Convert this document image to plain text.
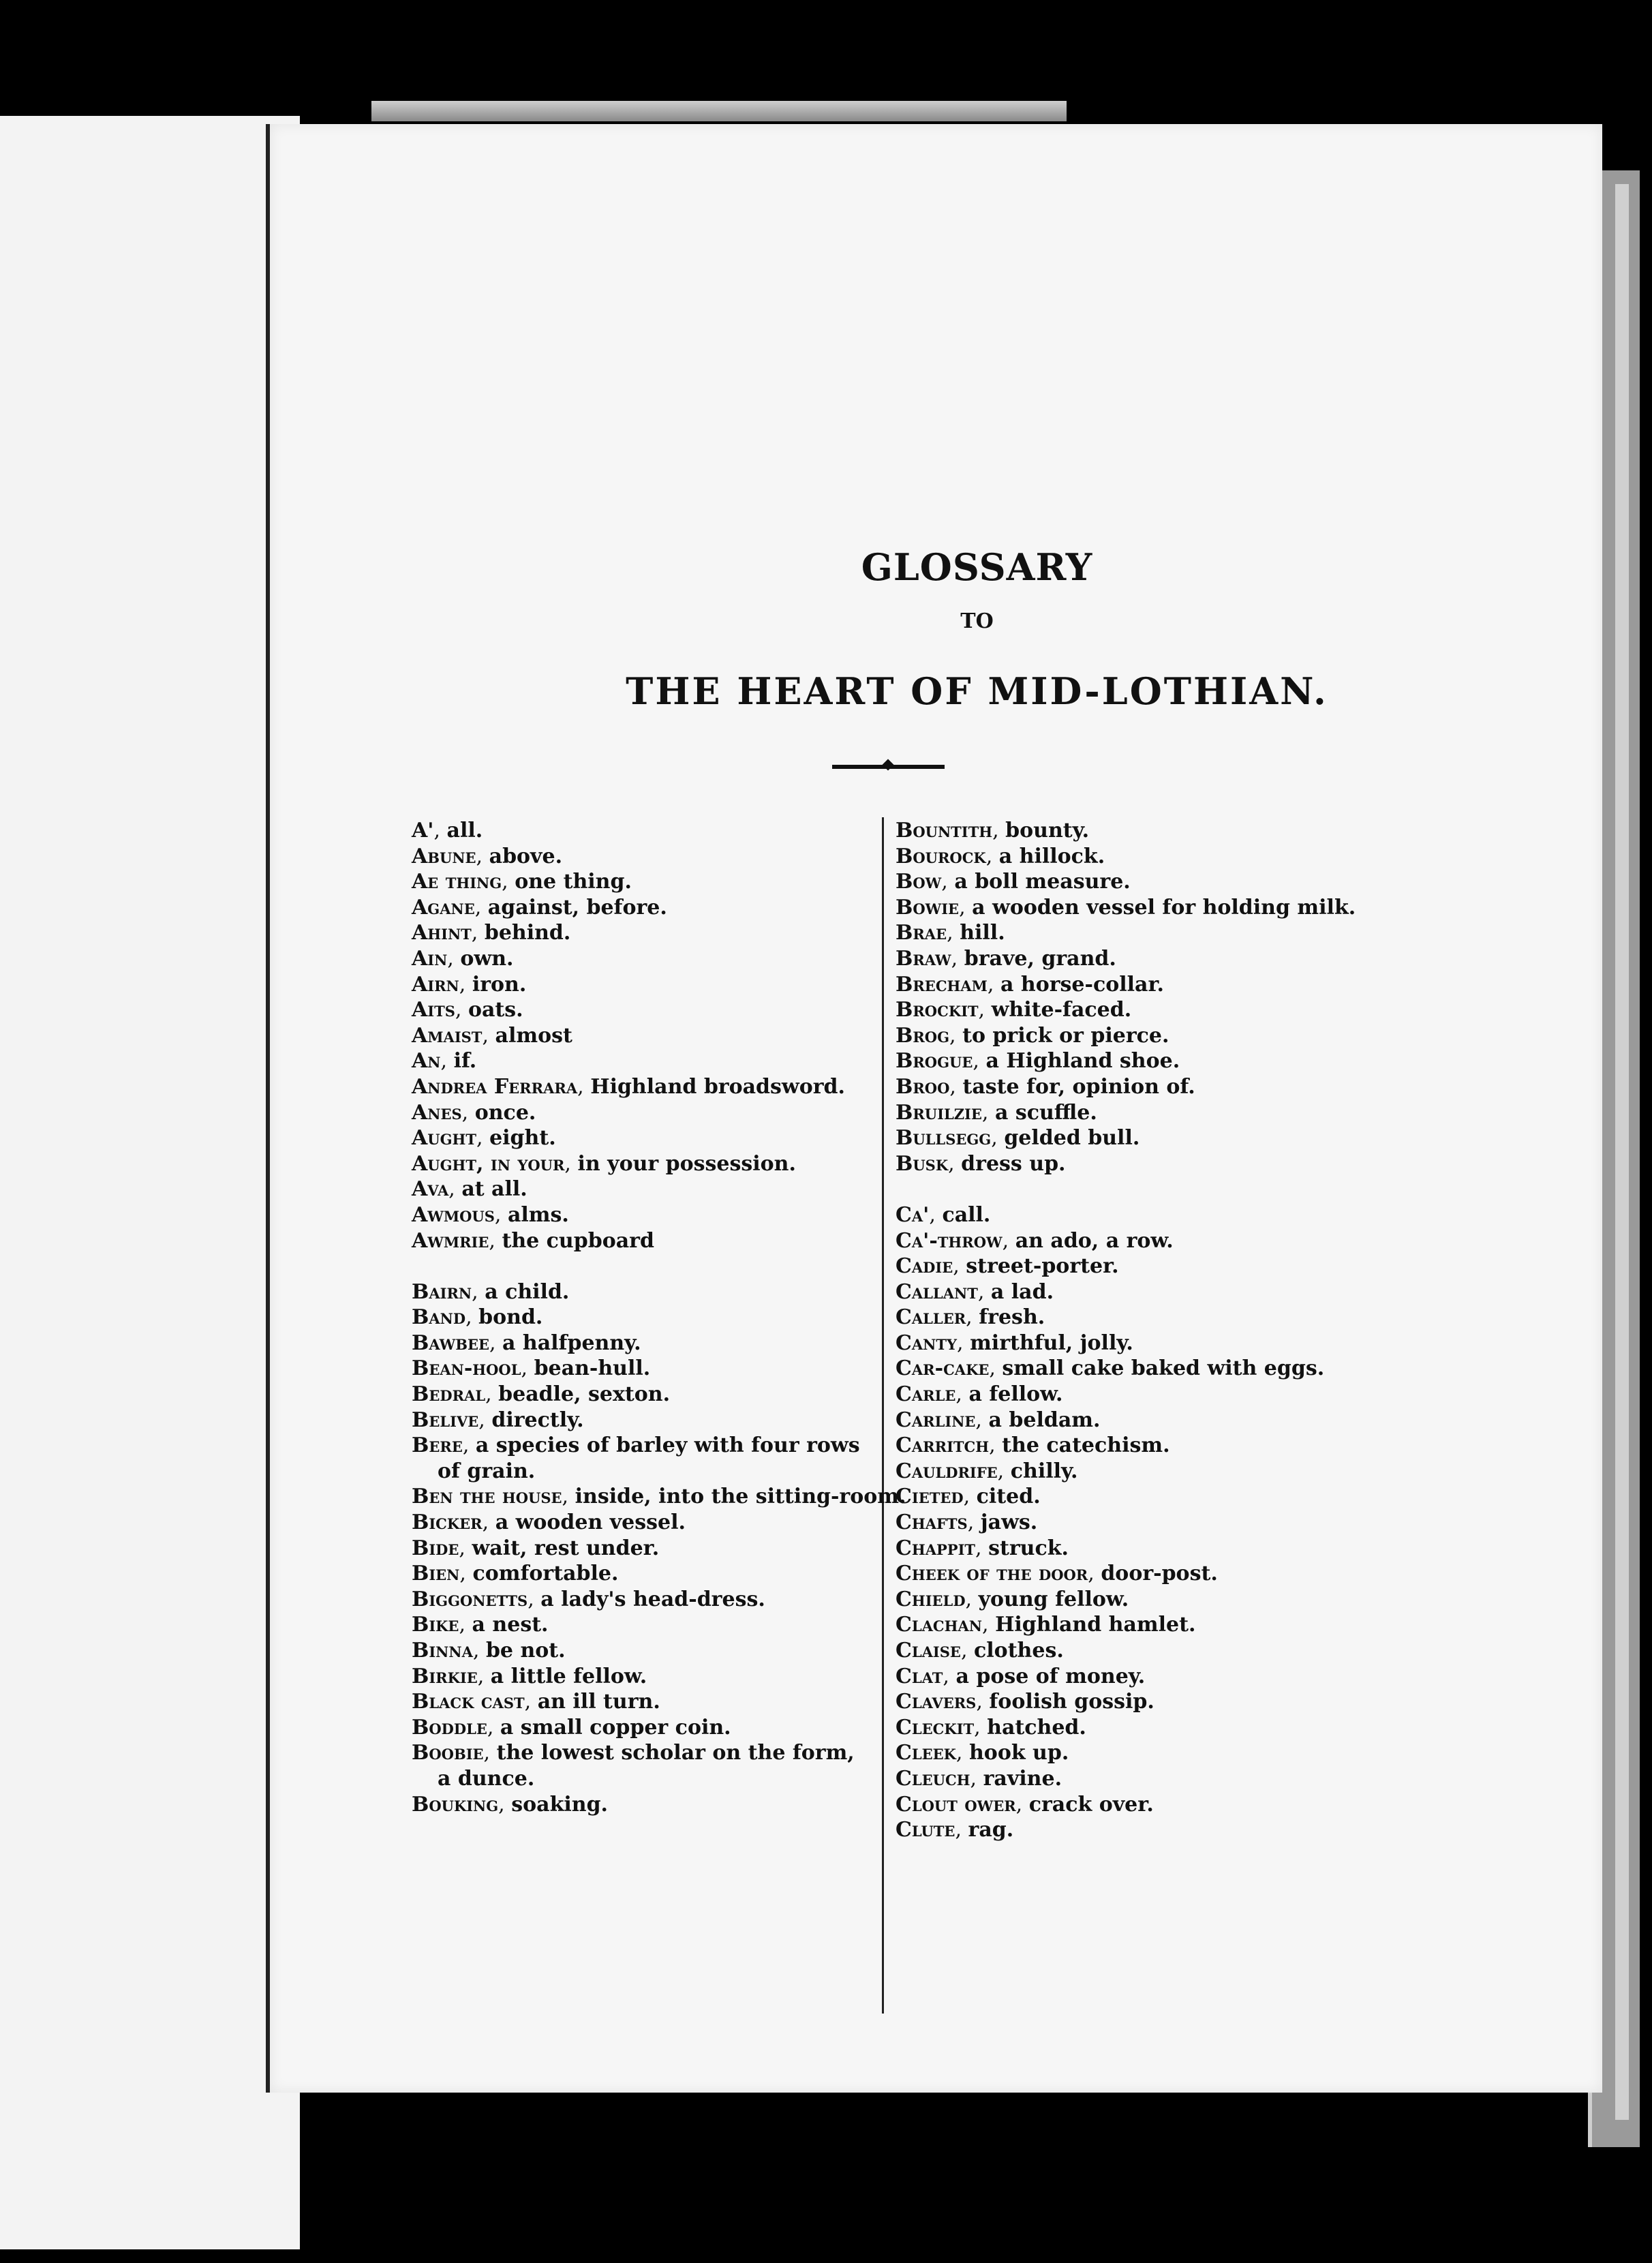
GLOSSARY
TO
THE HEART OF MID-LOTHIAN.
A', all.
Abune, above.
Ae thing, one thing.
Agane, against, before.
Ahint, behind.
Ain, own.
Airn, iron.
Aits, oats.
Amaist, almost
An, if.
Andrea Ferrara, Highland broadsword.
Anes, once.
Aught, eight.
Aught, in your, in your possession.
Ava, at all.
Awmous, alms.
Awmrie, the cupboard
Bairn, a child.
Band, bond.
Bawbee, a halfpenny.
Bean-hool, bean-hull.
Bedral, beadle, sexton.
Belive, directly.
Bere, a species of barley with four rows of grain.
Ben the house, inside, into the sitting-room.
Bicker, a wooden vessel.
Bide, wait, rest under.
Bien, comfortable.
Biggonetts, a lady's head-dress.
Bike, a nest.
Binna, be not.
Birkie, a little fellow.
Black cast, an ill turn.
Boddle, a small copper coin.
Boobie, the lowest scholar on the form, a dunce.
Bouking, soaking.
Bountith, bounty.
Bourock, a hillock.
Bow, a boll measure.
Bowie, a wooden vessel for holding milk.
Brae, hill.
Braw, brave, grand.
Brecham, a horse-collar.
Brockit, white-faced.
Brog, to prick or pierce.
Brogue, a Highland shoe.
Broo, taste for, opinion of.
Bruilzie, a scuffle.
Bullsegg, gelded bull.
Busk, dress up.
Ca', call.
Ca'-throw, an ado, a row.
Cadie, street-porter.
Callant, a lad.
Caller, fresh.
Canty, mirthful, jolly.
Car-cake, small cake baked with eggs.
Carle, a fellow.
Carline, a beldam.
Carritch, the catechism.
Cauldrife, chilly.
Cieted, cited.
Chafts, jaws.
Chappit, struck.
Cheek of the door, door-post.
Chield, young fellow.
Clachan, Highland hamlet.
Claise, clothes.
Clat, a pose of money.
Clavers, foolish gossip.
Cleckit, hatched.
Cleek, hook up.
Cleuch, ravine.
Clout ower, crack over.
Clute, rag.
